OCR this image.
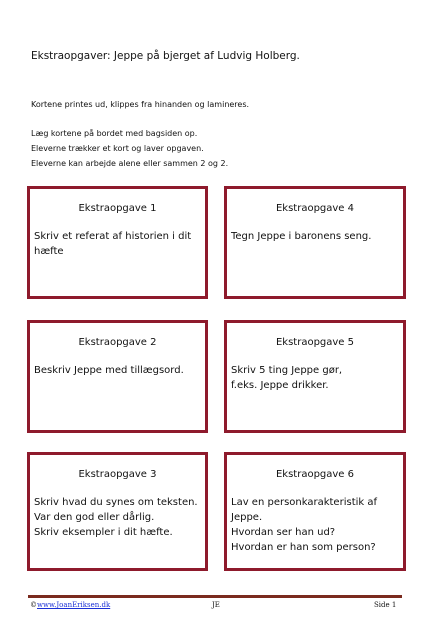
Ekstraopgaver: Jeppe på bjerget af Ludvig Holberg.
Kortene printes ud, klippes fra hinanden og lamineres.
Læg kortene på bordet med bagsiden op.
Eleverne trækker et kort og laver opgaven.
Eleverne kan arbejde alene eller sammen 2 og 2.
Ekstraopgave 1
Skriv et referat af historien i dit
hæfte
Ekstraopgave 4
Tegn Jeppe i baronens seng.
Ekstraopgave 2
Beskriv Jeppe med tillægsord.
Ekstraopgave 5
Skriv 5 ting Jeppe gør,
f.eks. Jeppe drikker.
Ekstraopgave 3
Skriv hvad du synes om teksten.
Var den god eller dårlig.
Skriv eksempler i dit hæfte.
Ekstraopgave 6
Lav en personkarakteristik af
Jeppe.
Hvordan ser han ud?
Hvordan er han som person?
©www.JoanEriksen.dk	JE	Side 1
